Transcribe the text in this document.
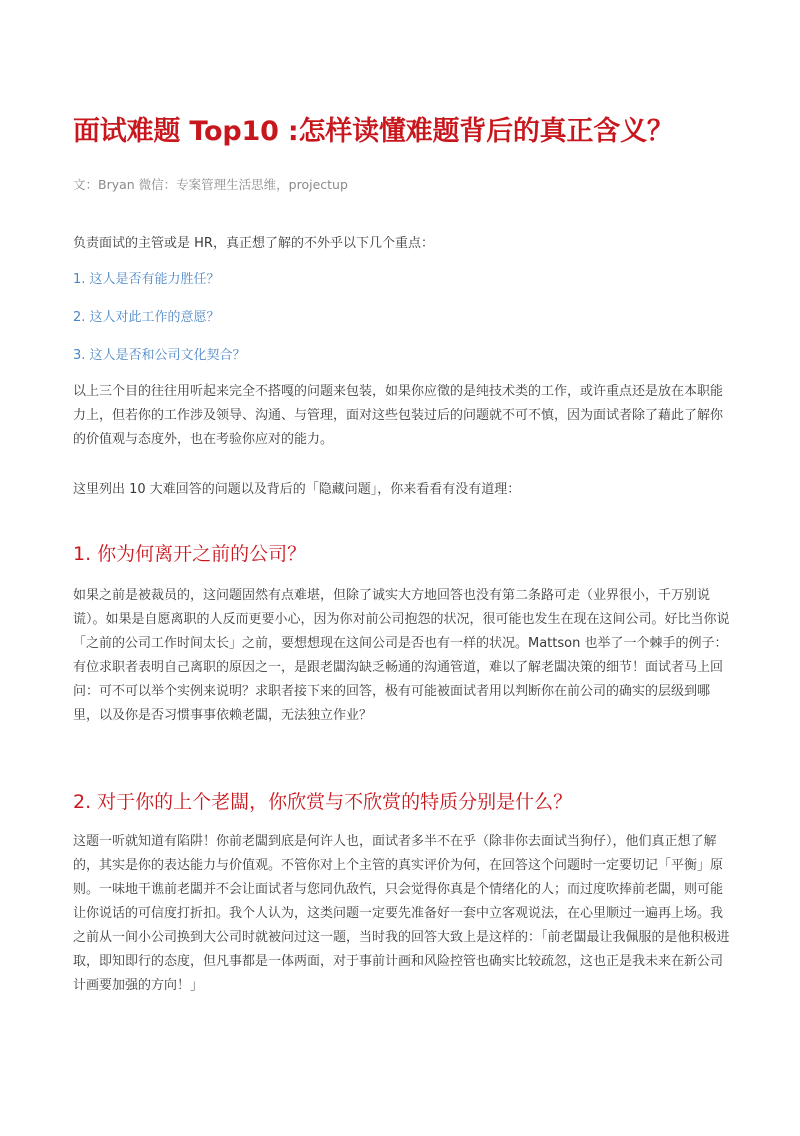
面试难题 Top10 :怎样读懂难题背后的真正含义？
文：Bryan 微信：专案管理生活思维，projectup
负责面试的主管或是 HR，真正想了解的不外乎以下几个重点：
1. 这人是否有能力胜任？
2. 这人对此工作的意愿？
3. 这人是否和公司文化契合？
以上三个目的往往用听起来完全不搭嘎的问题来包装，如果你应徵的是纯技术类的工作，或许重点还是放在本职能力上，但若你的工作涉及领导、沟通、与管理，面对这些包装过后的问题就不可不慎，因为面试者除了藉此了解你的价值观与态度外，也在考验你应对的能力。
这里列出 10 大难回答的问题以及背后的「隐藏问题」，你来看看有没有道理：
1. 你为何离开之前的公司？
如果之前是被裁员的，这问题固然有点难堪，但除了诚实大方地回答也没有第二条路可走（业界很小，千万别说谎）。如果是自愿离职的人反而更要小心，因为你对前公司抱怨的状况，很可能也发生在现在这间公司。好比当你说「之前的公司工作时间太长」之前，要想想现在这间公司是否也有一样的状况。Mattson 也举了一个棘手的例子：有位求职者表明自己离职的原因之一，是跟老闆沟缺乏畅通的沟通管道，难以了解老闆决策的细节！面试者马上回问：可不可以举个实例来说明？求职者接下来的回答，极有可能被面试者用以判断你在前公司的确实的层级到哪里，以及你是否习惯事事依赖老闆，无法独立作业？
2. 对于你的上个老闆，你欣赏与不欣赏的特质分别是什么？
这题一听就知道有陷阱！你前老闆到底是何许人也，面试者多半不在乎（除非你去面试当狗仔），他们真正想了解的，其实是你的表达能力与价值观。不管你对上个主管的真实评价为何，在回答这个问题时一定要切记「平衡」原则。一味地干谯前老闆并不会让面试者与您同仇敌忾，只会觉得你真是个情绪化的人；而过度吹捧前老闆，则可能让你说话的可信度打折扣。我个人认为，这类问题一定要先准备好一套中立客观说法，在心里顺过一遍再上场。我之前从一间小公司换到大公司时就被问过这一题，当时我的回答大致上是这样的：「前老闆最让我佩服的是他积极进取，即知即行的态度，但凡事都是一体两面，对于事前计画和风险控管也确实比较疏忽，这也正是我未来在新公司计画要加强的方向！」
